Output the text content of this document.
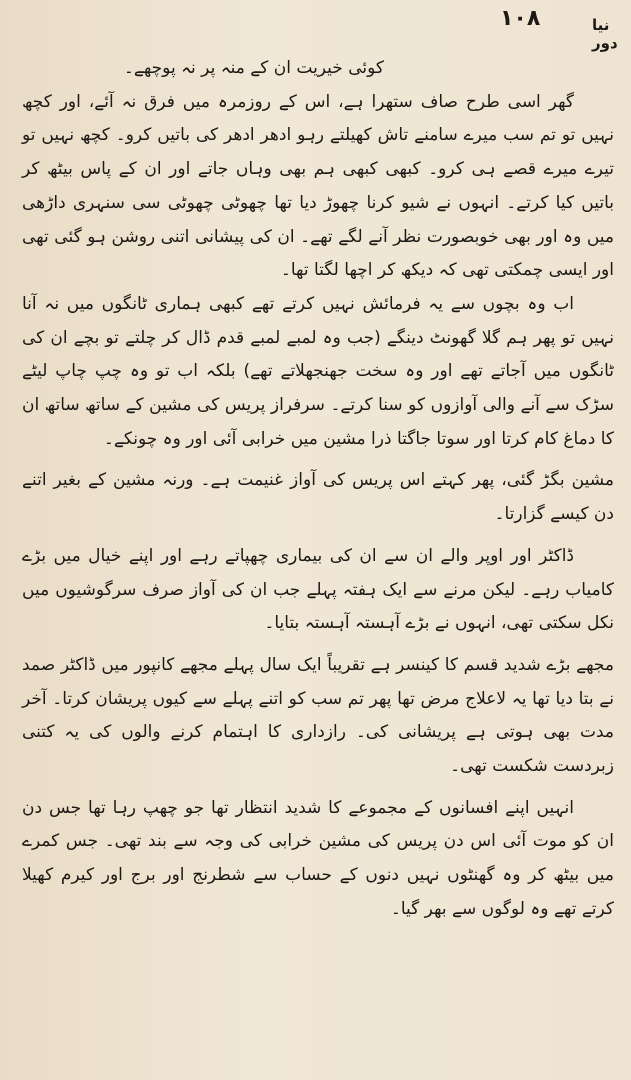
۱۰۸	نیا دور

کوئی خیریت ان کے منہ پر نہ پوچھے۔

گھر اسی طرح صاف ستھرا ہے، اس کے روزمرہ میں فرق نہ آئے، اور کچھ نہیں تو تم سب میرے سامنے تاش کھیلتے رہو ادھر ادھر کی باتیں کرو۔ کچھ نہیں تو تیرے میرے قصے ہی کرو۔ کبھی کبھی ہم بھی وہاں جاتے اور ان کے پاس بیٹھ کر باتیں کیا کرتے۔ انہوں نے شیو کرنا چھوڑ دیا تھا چھوٹی چھوٹی سی سنہری داڑھی میں وہ اور بھی خوبصورت نظر آنے لگے تھے۔ ان کی پیشانی اتنی روشن ہو گئی تھی اور ایسی چمکتی تھی کہ دیکھ کر اچھا لگتا تھا۔

اب وہ بچوں سے یہ فرمائش نہیں کرتے تھے کبھی ہماری ٹانگوں میں نہ آنا نہیں تو پھر ہم گلا گھونٹ دینگے (جب وہ لمبے لمبے قدم ڈال کر چلتے تو بچے ان کی ٹانگوں میں آجاتے تھے اور وہ سخت جھنجھلاتے تھے) بلکہ اب تو وہ چپ چاپ لیٹے سڑک سے آنے والی آوازوں کو سنا کرتے۔ سرفراز پریس کی مشین کے ساتھ ساتھ ان کا دماغ کام کرتا اور سوتا جاگتا ذرا مشین میں خرابی آئی اور وہ چونکے۔

مشین بگڑ گئی، پھر کہتے اس پریس کی آواز غنیمت ہے۔ ورنہ مشین کے بغیر اتنے دن کیسے گزارتا۔

ڈاکٹر اور اوپر والے ان سے ان کی بیماری چھپاتے رہے اور اپنے خیال میں بڑے کامیاب رہے۔ لیکن مرنے سے ایک ہفتہ پہلے جب ان کی آواز صرف سرگوشیوں میں نکل سکتی تھی، انہوں نے بڑے آہستہ آہستہ بتایا۔

مجھے بڑے شدید قسم کا کینسر ہے تقریباً ایک سال پہلے مجھے کانپور میں ڈاکٹر صمد نے بتا دیا تھا یہ لاعلاج مرض تھا پھر تم سب کو اتنے پہلے سے کیوں پریشان کرتا۔ آخر مدت بھی ہوتی ہے پریشانی کی۔ رازداری کا اہتمام کرنے والوں کی یہ کتنی زبردست شکست تھی۔

انہیں اپنے افسانوں کے مجموعے کا شدید انتظار تھا جو چھپ رہا تھا جس دن ان کو موت آئی اس دن پریس کی مشین خرابی کی وجہ سے بند تھی۔ جس کمرے میں بیٹھ کر وہ گھنٹوں نہیں دنوں کے حساب سے شطرنج اور برج اور کیرم کھیلا کرتے تھے وہ لوگوں سے بھر گیا۔
